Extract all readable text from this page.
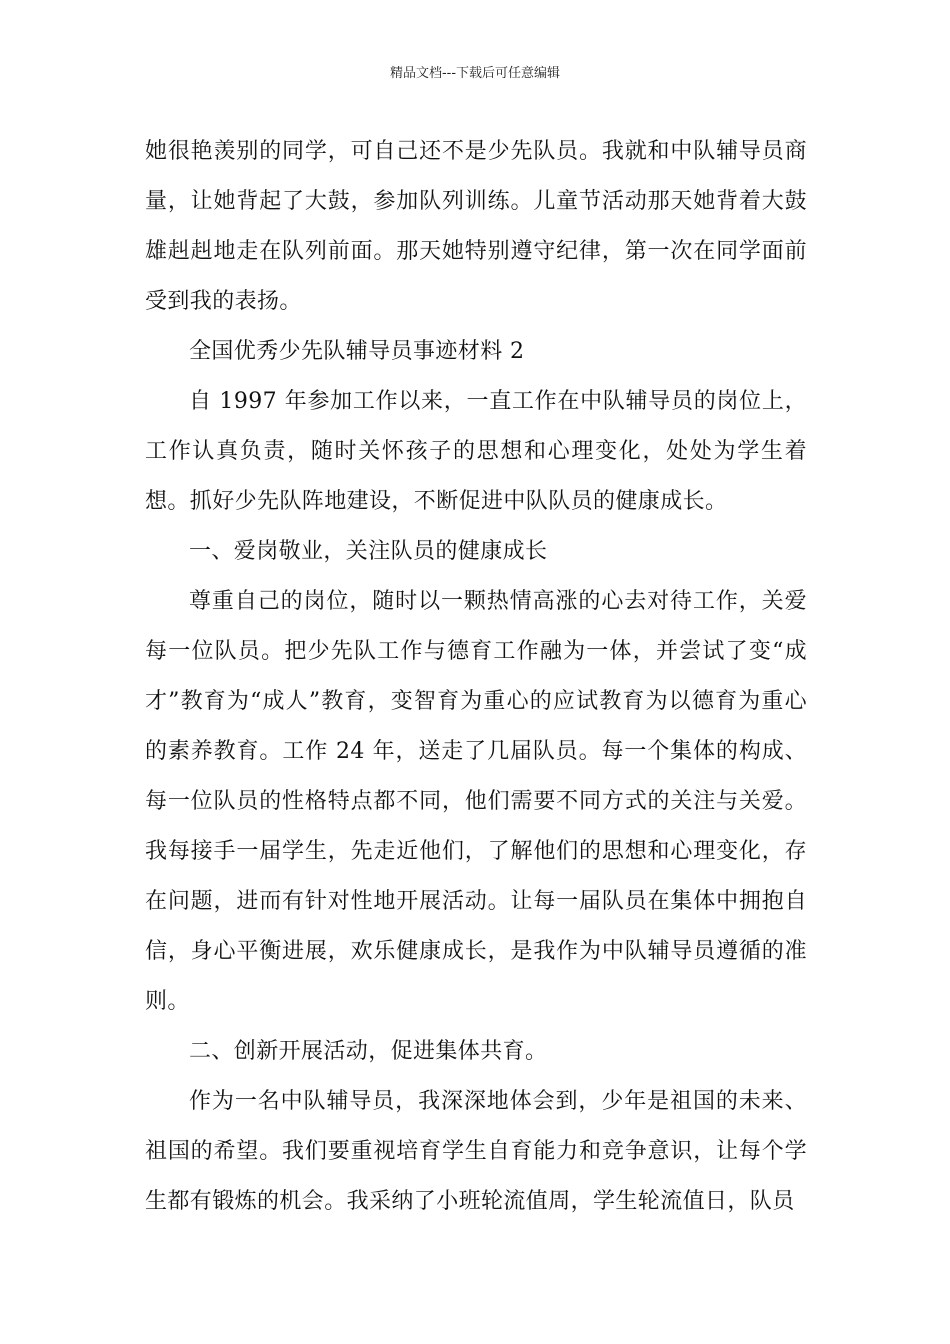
精品文档---下载后可任意编辑

她很艳羡别的同学，可自己还不是少先队员。我就和中队辅导员商量，让她背起了大鼓，参加队列训练。儿童节活动那天她背着大鼓雄赳赳地走在队列前面。那天她特别遵守纪律，第一次在同学面前受到我的表扬。

全国优秀少先队辅导员事迹材料 2

自 1997 年参加工作以来，一直工作在中队辅导员的岗位上，工作认真负责，随时关怀孩子的思想和心理变化，处处为学生着想。抓好少先队阵地建设，不断促进中队队员的健康成长。

一、爱岗敬业，关注队员的健康成长

尊重自己的岗位，随时以一颗热情高涨的心去对待工作，关爱每一位队员。把少先队工作与德育工作融为一体，并尝试了变“成才”教育为“成人”教育，变智育为重心的应试教育为以德育为重心的素养教育。工作 24 年，送走了几届队员。每一个集体的构成、每一位队员的性格特点都不同，他们需要不同方式的关注与关爱。我每接手一届学生，先走近他们，了解他们的思想和心理变化，存在问题，进而有针对性地开展活动。让每一届队员在集体中拥抱自信，身心平衡进展，欢乐健康成长，是我作为中队辅导员遵循的准则。

二、创新开展活动，促进集体共育。

作为一名中队辅导员，我深深地体会到，少年是祖国的未来、祖国的希望。我们要重视培育学生自育能力和竞争意识，让每个学生都有锻炼的机会。我采纳了小班轮流值周，学生轮流值日，队员
